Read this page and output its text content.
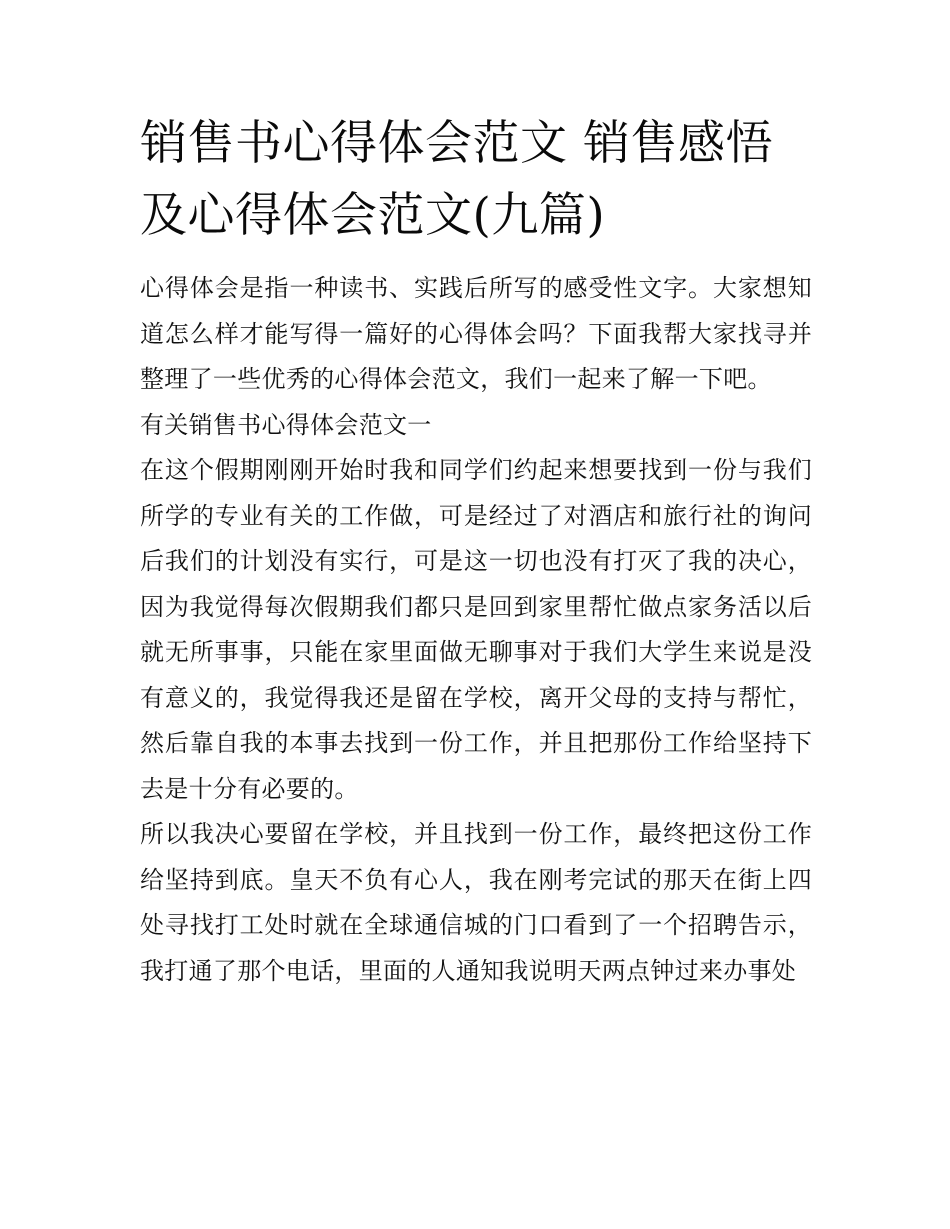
销售书心得体会范文 销售感悟及心得体会范文(九篇)

心得体会是指一种读书、实践后所写的感受性文字。大家想知道怎么样才能写得一篇好的心得体会吗？下面我帮大家找寻并整理了一些优秀的心得体会范文，我们一起来了解一下吧。

有关销售书心得体会范文一

在这个假期刚刚开始时我和同学们约起来想要找到一份与我们所学的专业有关的工作做，可是经过了对酒店和旅行社的询问后我们的计划没有实行，可是这一切也没有打灭了我的决心，因为我觉得每次假期我们都只是回到家里帮忙做点家务活以后就无所事事，只能在家里面做无聊事对于我们大学生来说是没有意义的，我觉得我还是留在学校，离开父母的支持与帮忙，然后靠自我的本事去找到一份工作，并且把那份工作给坚持下去是十分有必要的。

所以我决心要留在学校，并且找到一份工作，最终把这份工作给坚持到底。皇天不负有心人，我在刚考完试的那天在街上四处寻找打工处时就在全球通信城的门口看到了一个招聘告示，我打通了那个电话，里面的人通知我说明天两点钟过来办事处
